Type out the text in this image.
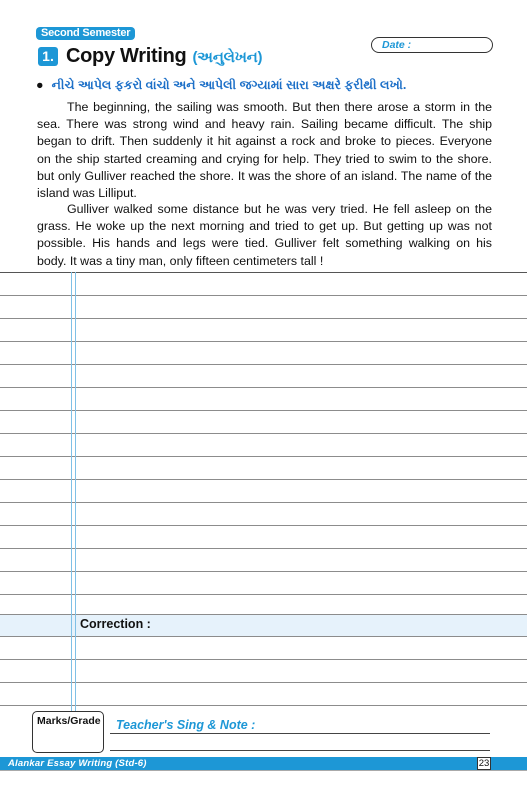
Second Semester
1. Copy Writing (અનુલેખન)
Date :
● નીચે આપેલ ફકરો વાંચો અને આપેલી જગ્યામાં સારા અક્ષરે ફરીથી લખો.

The beginning, the sailing was smooth. But then there arose a storm in the sea. There was strong wind and heavy rain. Sailing became difficult. The ship began to drift. Then suddenly it hit against a rock and broke to pieces. Everyone on the ship started creaming and crying for help. They tried to swim to the shore. but only Gulliver reached the shore. It was the shore of an island. The name of the island was Lilliput.

Gulliver walked some distance but he was very tried. He fell asleep on the grass. He woke up the next morning and tried to get up. But getting up was not possible. His hands and legs were tied. Gulliver felt something walking on his body. It was a tiny man, only fifteen centimeters tall !

Correction :
Marks/Grade Teacher's Sing & Note :
Alankar Essay Writing (Std-6)	23
